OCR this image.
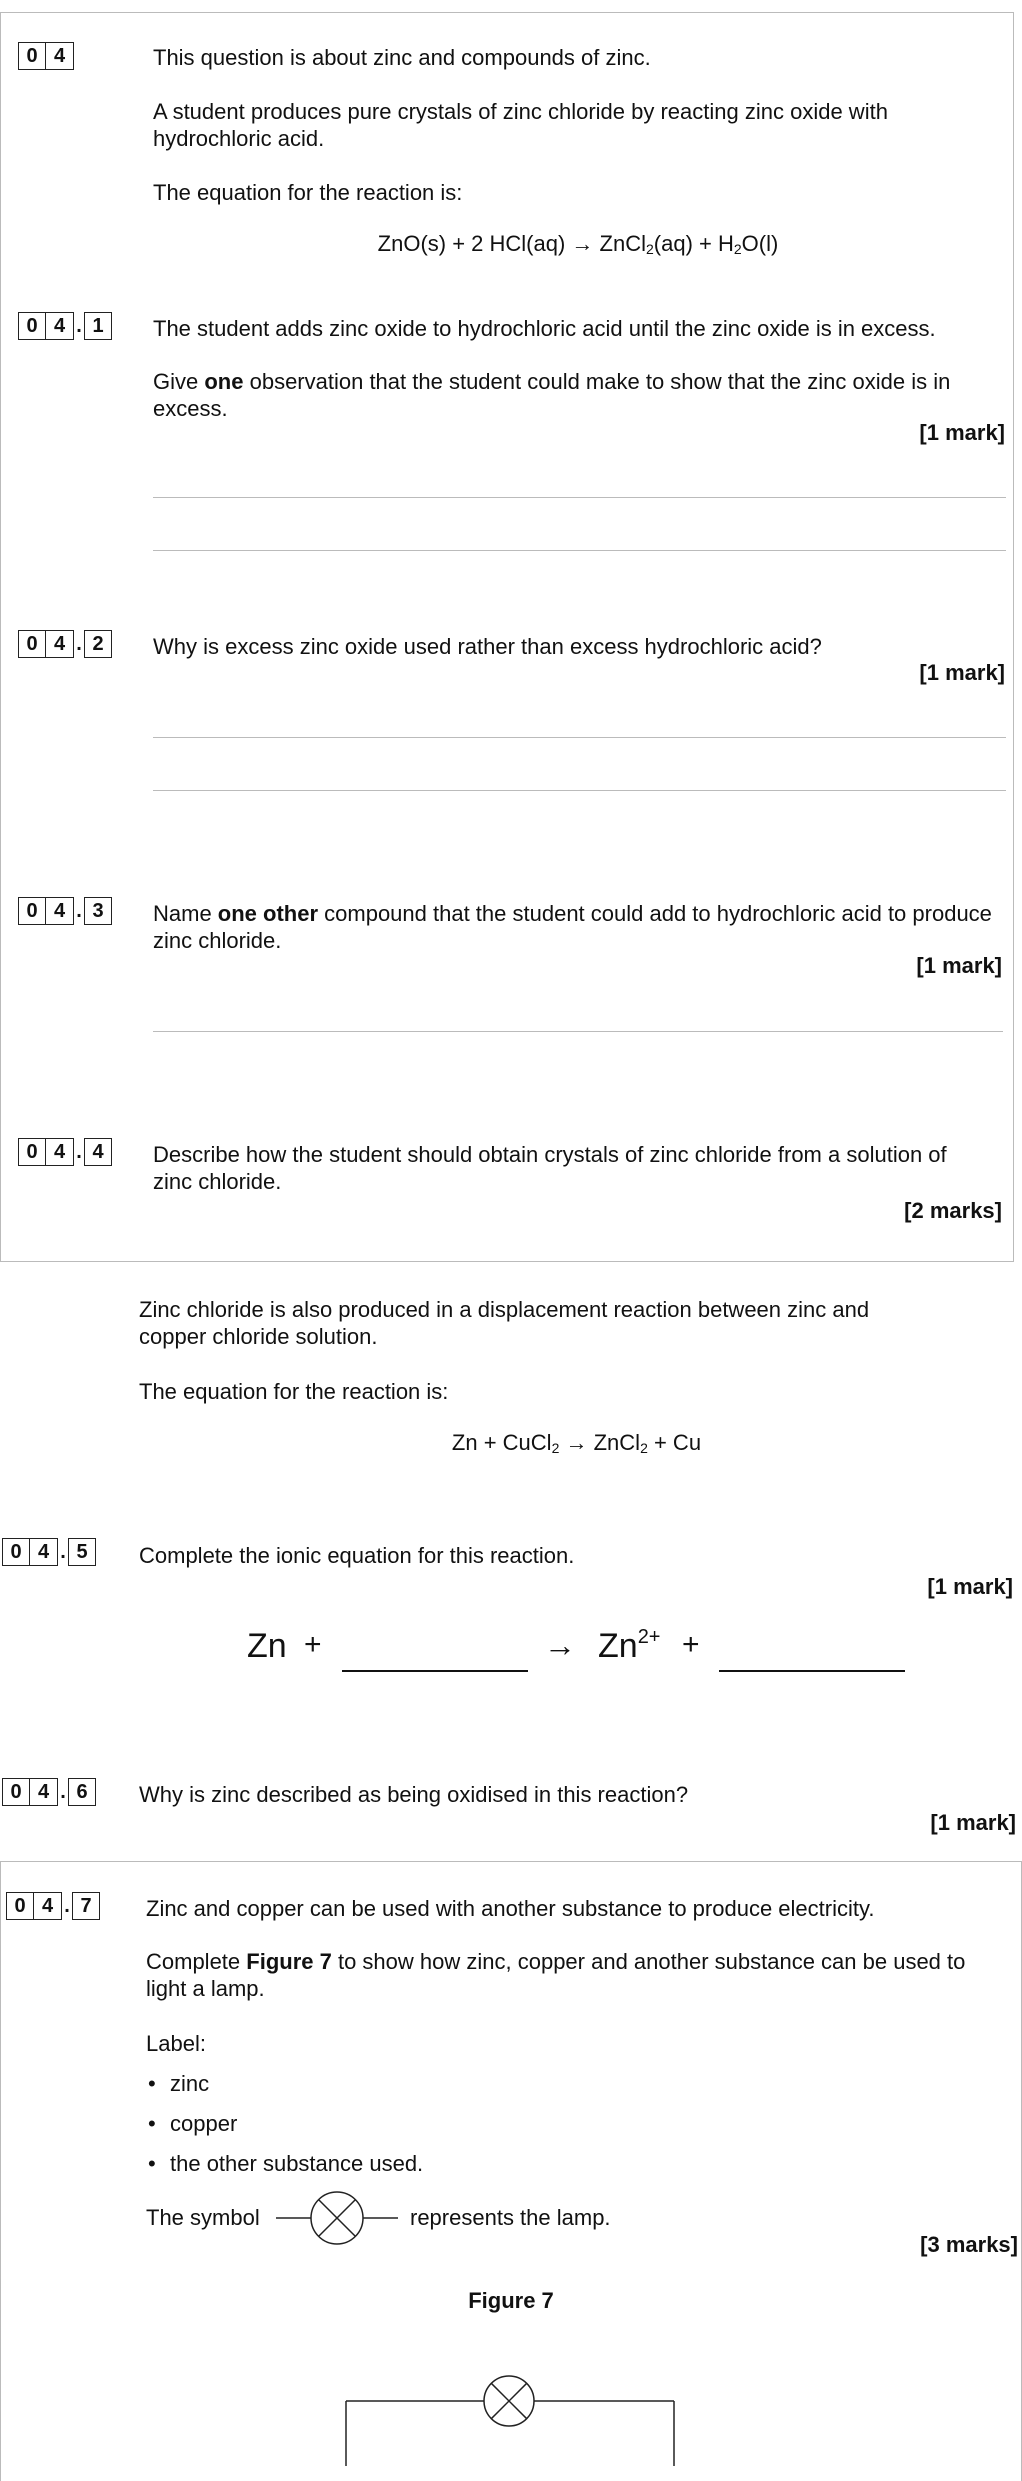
0 4	This question is about zinc and compounds of zinc.
A student produces pure crystals of zinc chloride by reacting zinc oxide with hydrochloric acid.
The equation for the reaction is:
ZnO(s) + 2 HCl(aq) → ZnCl$_2$(aq) + $H_2O(l)$
0 4 . 1	The student adds zinc oxide to hydrochloric acid until the zinc oxide is in excess.
Give one observation that the student could make to show that the zinc oxide is in excess.
[1 mark]
0 4 . 2	Why is excess zinc oxide used rather than excess hydrochloric acid?
[1 mark]
0 4 . 3	Name one other compound that the student could add to hydrochloric acid to produce zinc chloride.
[1 mark]
0 4 . 4	Describe how the student should obtain crystals of zinc chloride from a solution of zinc chloride.
[2 marks]
Zinc chloride is also produced in a displacement reaction between zinc and copper chloride solution.
The equation for the reaction is:
Zn + CuCl$_2$ → ZnCl$_2$ + Cu
0 4 . 5	Complete the ionic equation for this reaction.
[1 mark]
Zn +	→ $Zn^{2+}$ +
0 4 . 6	Why is zinc described as being oxidised in this reaction?
[1 mark]
0 4 . 7	Zinc and copper can be used with another substance to produce electricity.
Complete Figure 7 to show how zinc, copper and another substance can be used to light a lamp.
Label:
• zinc
• copper
• the other substance used.
The symbol	represents the lamp.
[3 marks]
Figure 7
